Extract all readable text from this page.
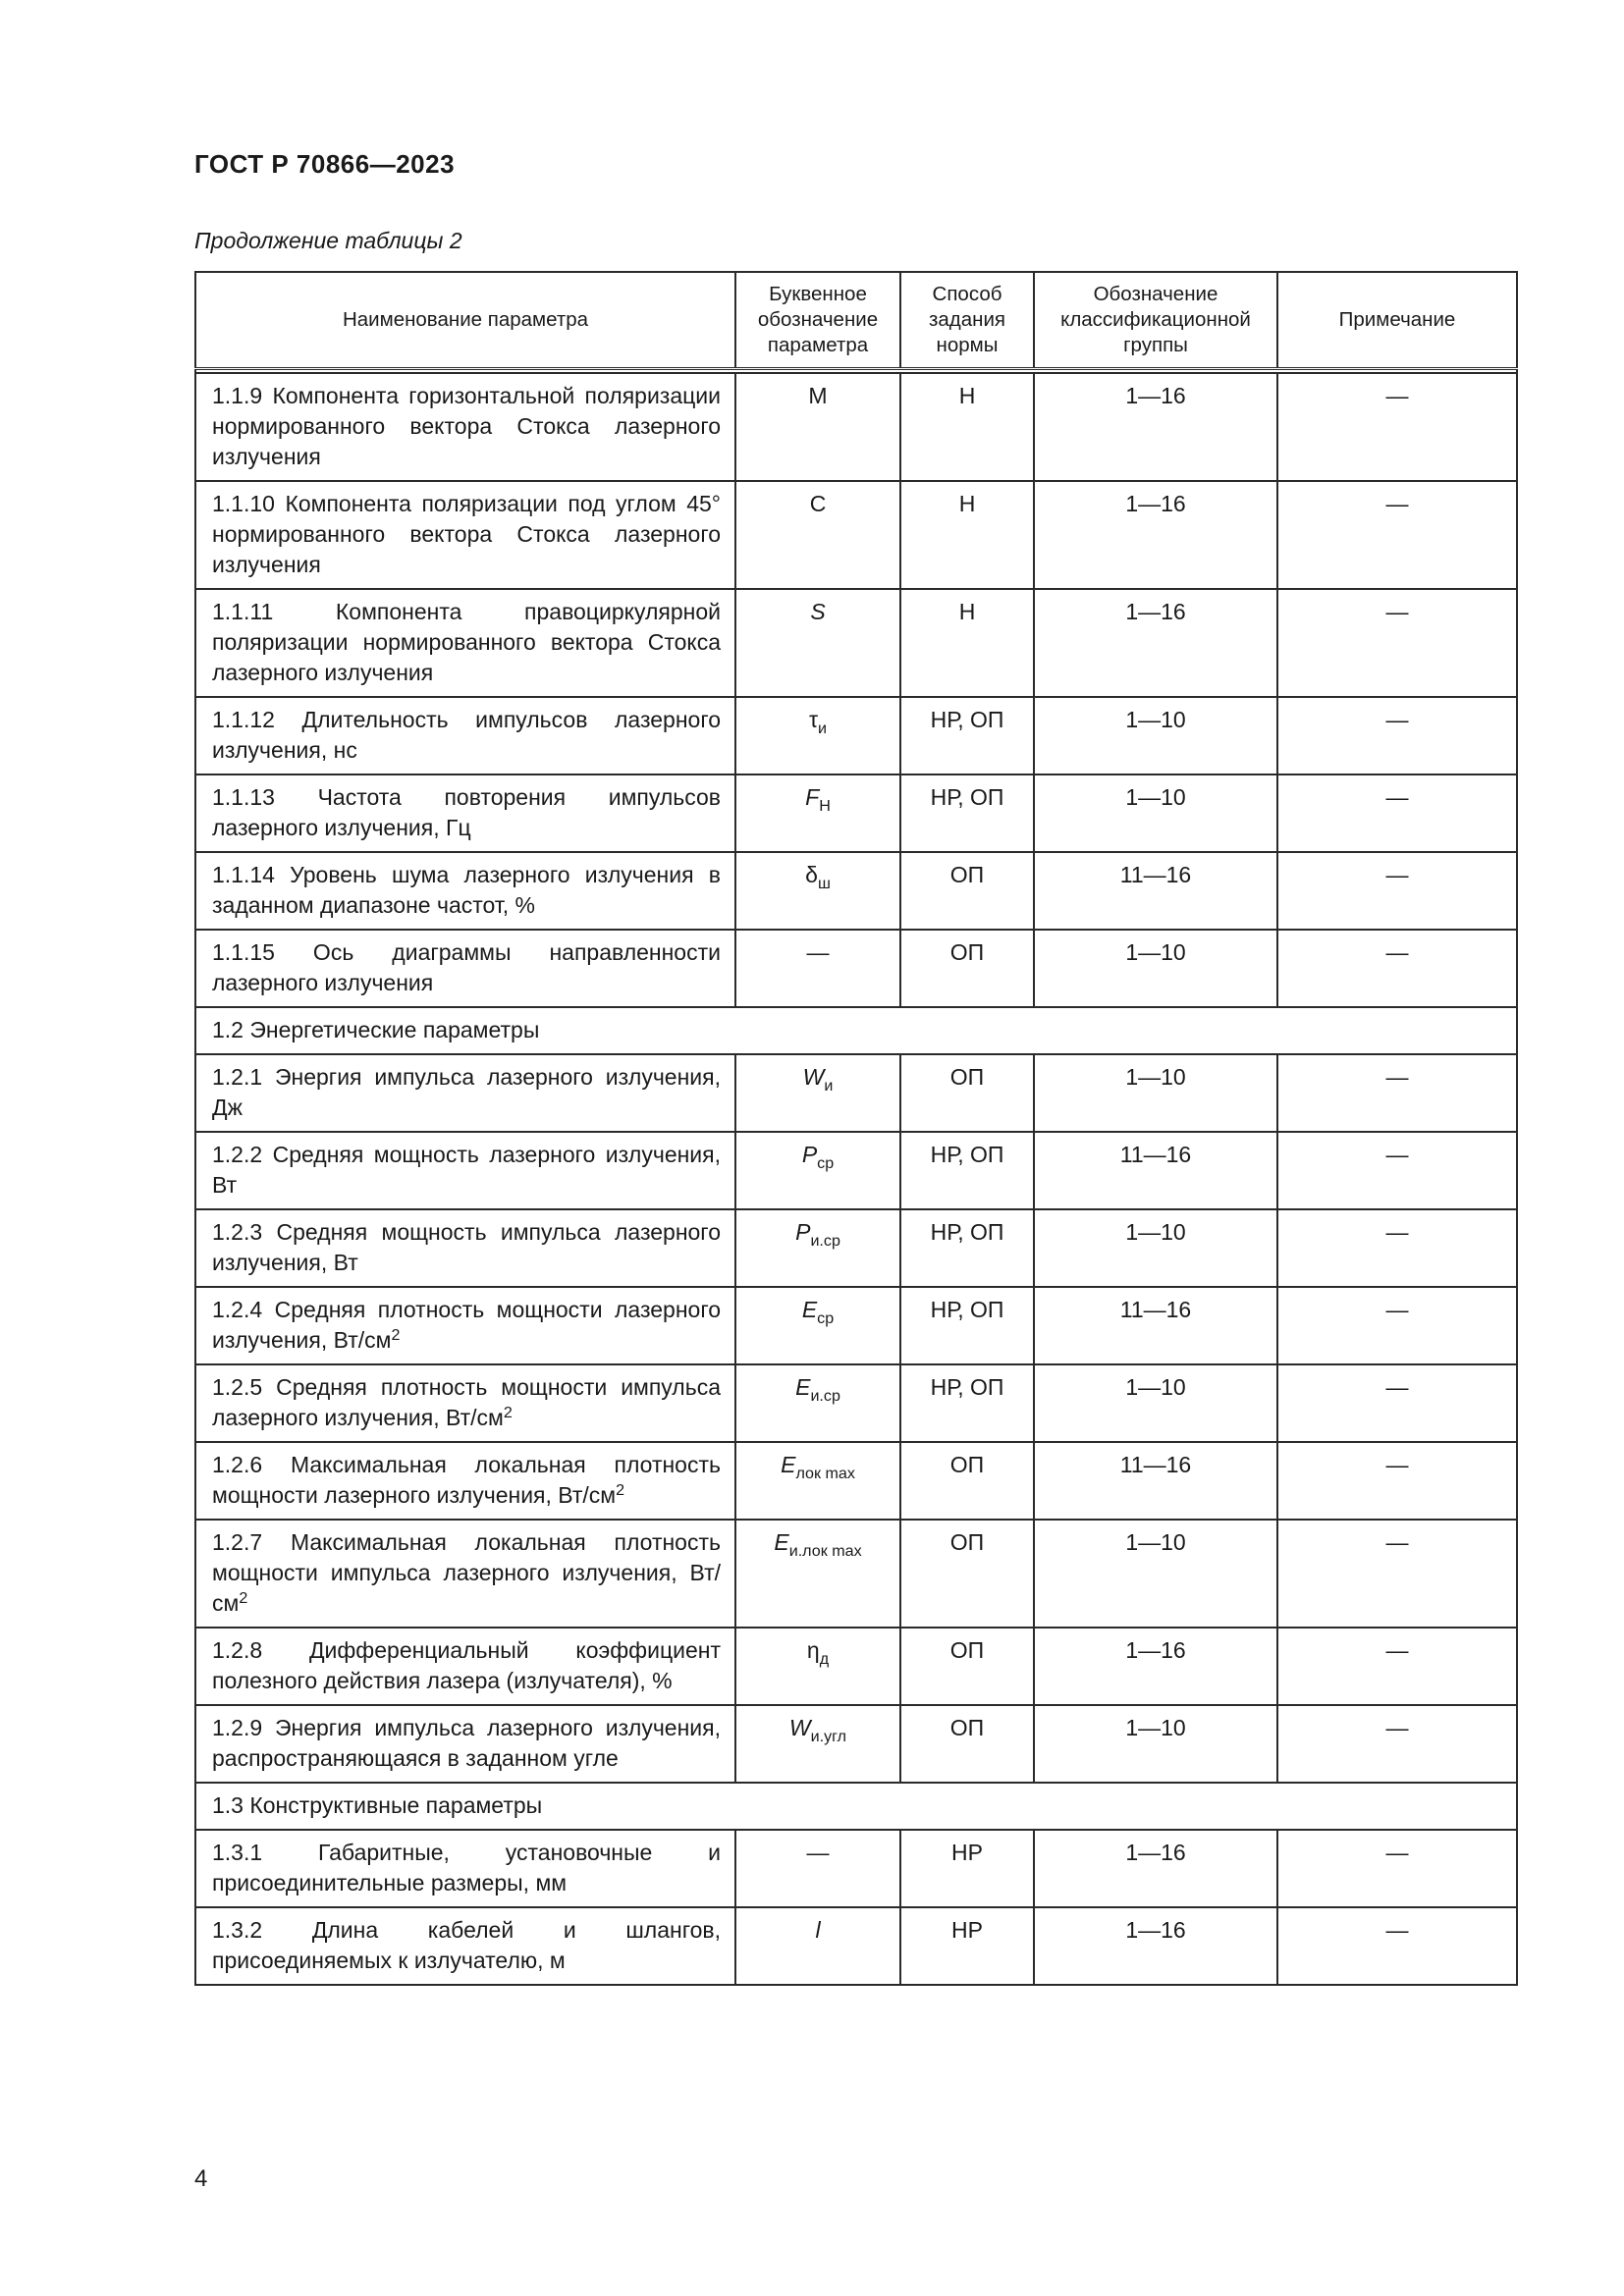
ГОСТ Р 70866—2023
Продолжение таблицы 2
Наименование параметра	Буквенное обозначение параметра	Способ задания нормы	Обозначение классификационной группы	Примечание

1.1.9 Компонента горизонтальной поляризации нормированного вектора Стокса лазерного излучения	M	Н	1—16	—
1.1.10 Компонента поляризации под углом 45° нормированного вектора Стокса лазерного излучения	C	Н	1—16	—
1.1.11 Компонента правоциркулярной поляризации нормированного вектора Стокса лазерного излучения	S	Н	1—16	—
1.1.12 Длительность импульсов лазерного излучения, нс	$\tau_и$	НР, ОП	1—10	—
1.1.13 Частота повторения импульсов лазерного излучения, Гц	$F_H$	НР, ОП	1—10	—
1.1.14 Уровень шума лазерного излучения в заданном диапазоне частот, %	$\delta_ш$	ОП	11—16	—
1.1.15 Ось диаграммы направленности лазерного излучения	—	ОП	1—10	—
1.2 Энергетические параметры				
1.2.1 Энергия импульса лазерного излучения, Дж	$W_и$	ОП	1—10	—
1.2.2 Средняя мощность лазерного излучения, Вт	$P_{ср}$	НР, ОП	11—16	—
1.2.3 Средняя мощность импульса лазерного излучения, Вт	$P_{и.ср}$	НР, ОП	1—10	—
1.2.4 Средняя плотность мощности лазерного излучения, $Вт/см^2$	$E_{ср}$	НР, ОП	11—16	—
1.2.5 Средняя плотность мощности импульса лазерного излучения, $Вт/см^2$	$E_{и.ср}$	НР, ОП	1—10	—
1.2.6 Максимальная локальная плотность мощности лазерного излучения, $Вт/см^2$	$E_{лок max}$	ОП	11—16	—
1.2.7 Максимальная локальная плотность мощности импульса лазерного излучения, $Вт/см^2$	$E_{и.лок max}$	ОП	1—10	—
1.2.8 Дифференциальный коэффициент полезного действия лазера (излучателя), %	$\eta_д$	ОП	1—16	—
1.2.9 Энергия импульса лазерного излучения, распространяющаяся в заданном угле	$W_{и.угл}$	ОП	1—10	—
1.3 Конструктивные параметры				
1.3.1 Габаритные, установочные и присоединительные размеры, мм	—	НР	1—16	—
1.3.2 Длина кабелей и шлангов, присоединяемых к излучателю, м	l	НР	1—16	—
4
